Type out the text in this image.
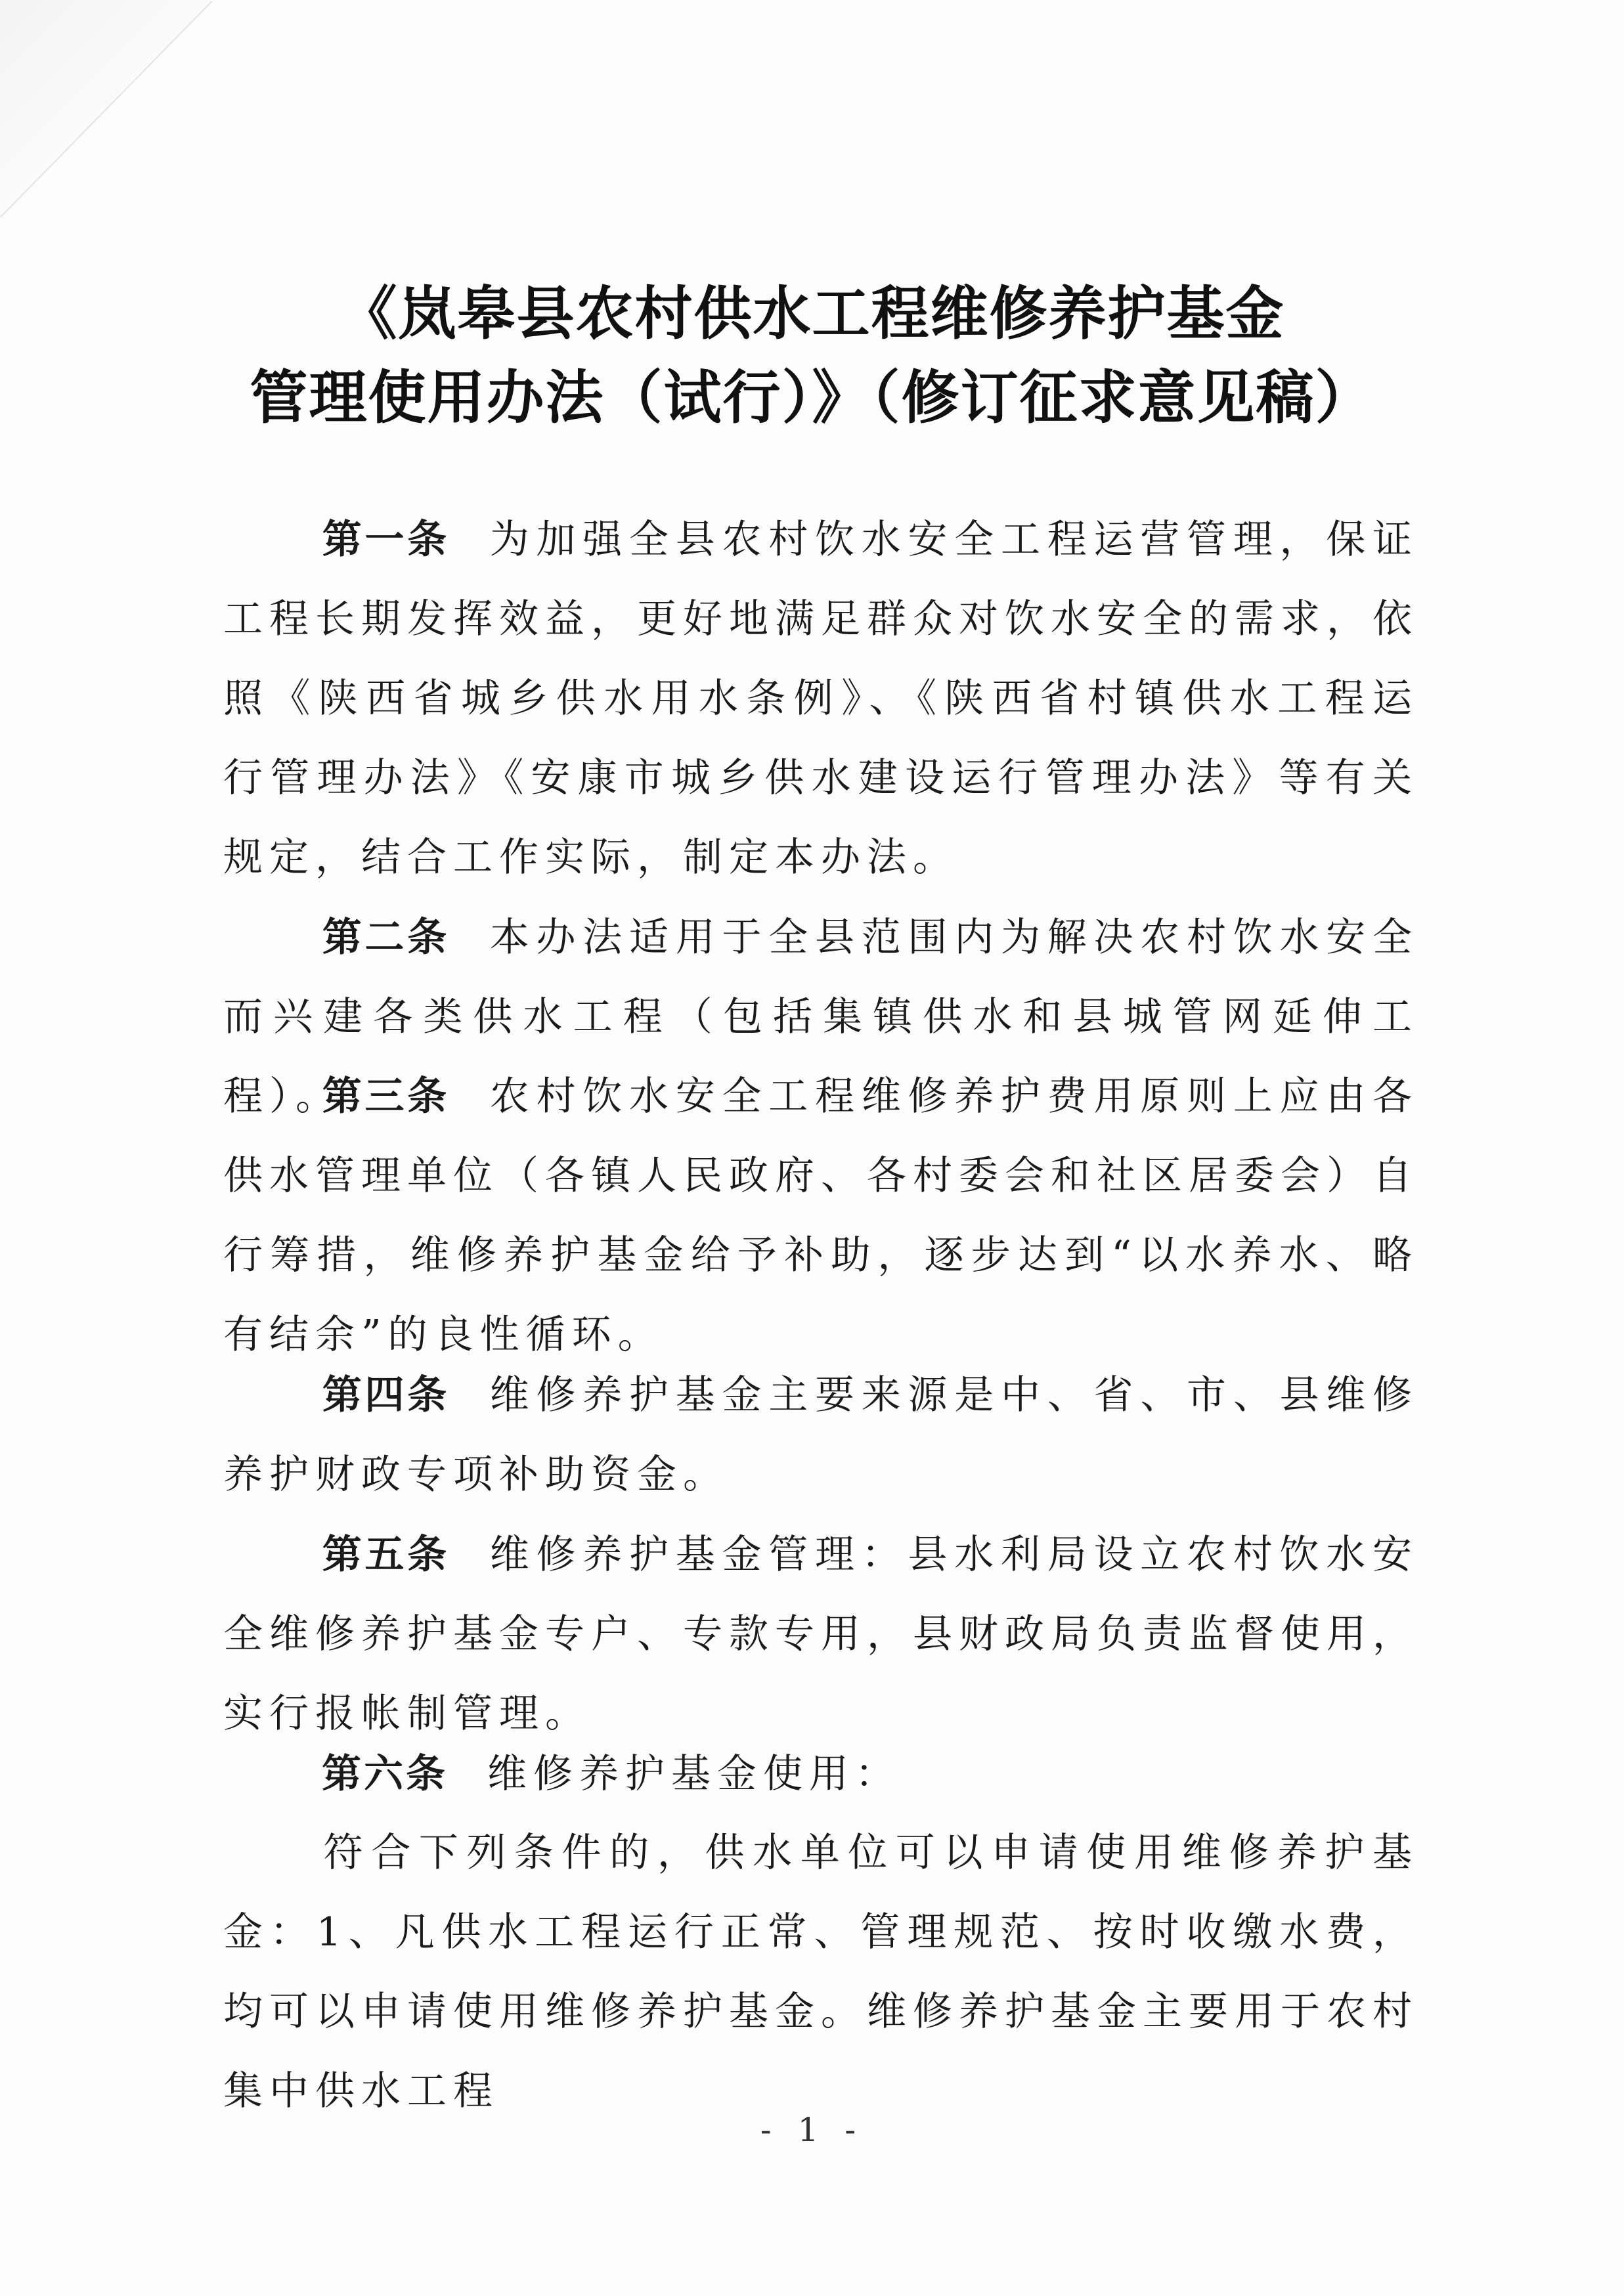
《岚皋县农村供水工程维修养护基金
管理使用办法（试行）》（修订征求意见稿）

第一条 为加强全县农村饮水安全工程运营管理，保证工程长期发挥效益，更好地满足群众对饮水安全的需求，依照《陕西省城乡供水用水条例》、《陕西省村镇供水工程运行管理办法》《安康市城乡供水建设运行管理办法》等有关规定，结合工作实际，制定本办法。

第二条 本办法适用于全县范围内为解决农村饮水安全而兴建各类供水工程（包括集镇供水和县城管网延伸工程）。

第三条 农村饮水安全工程维修养护费用原则上应由各供水管理单位（各镇人民政府、各村委会和社区居委会）自行筹措，维修养护基金给予补助，逐步达到“以水养水、略有结余”的良性循环。

第四条 维修养护基金主要来源是中、省、市、县维修养护财政专项补助资金。

第五条 维修养护基金管理：县水利局设立农村饮水安全维修养护基金专户、专款专用，县财政局负责监督使用，实行报帐制管理。

第六条 维修养护基金使用：

符合下列条件的，供水单位可以申请使用维修养护基金：1、凡供水工程运行正常、管理规范、按时收缴水费，均可以申请使用维修养护基金。维修养护基金主要用于农村集中供水工程

- 1 -
